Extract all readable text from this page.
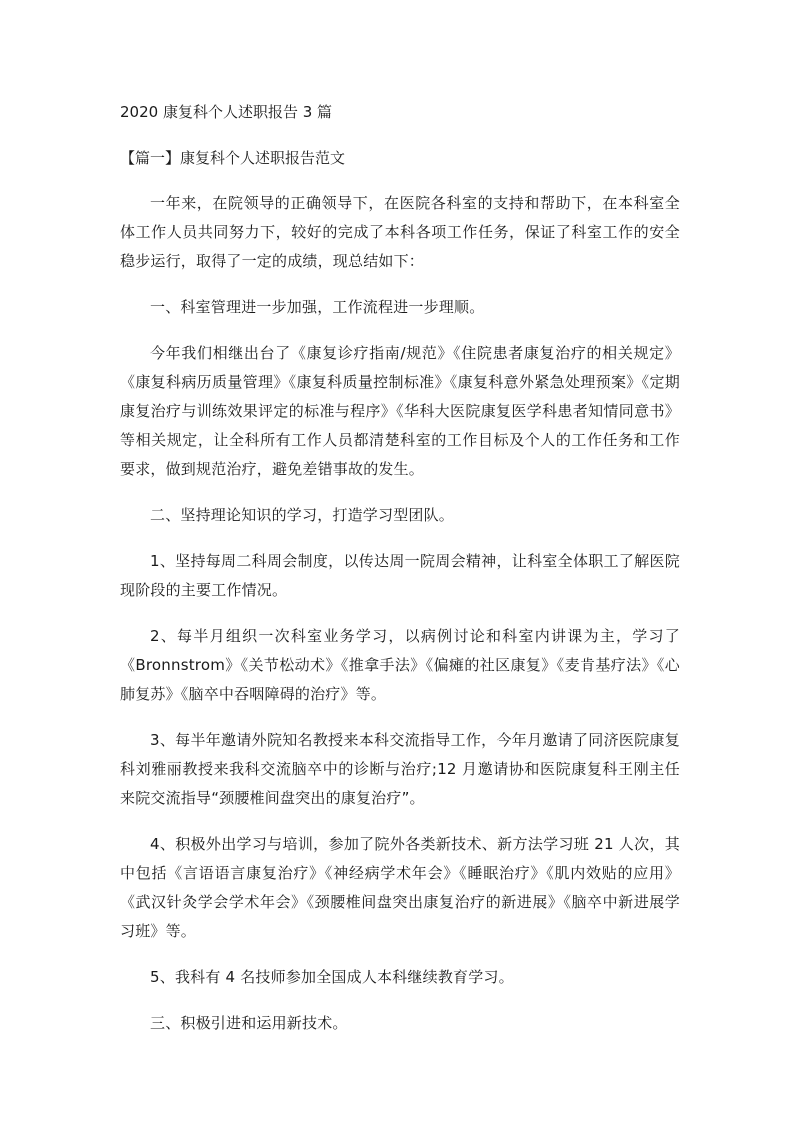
2020 康复科个人述职报告 3 篇
【篇一】康复科个人述职报告范文

一年来，在院领导的正确领导下，在医院各科室的支持和帮助下，在本科室全体工作人员共同努力下，较好的完成了本科各项工作任务，保证了科室工作的安全稳步运行，取得了一定的成绩，现总结如下：

一、科室管理进一步加强，工作流程进一步理顺。

今年我们相继出台了《康复诊疗指南/规范》《住院患者康复治疗的相关规定》《康复科病历质量管理》《康复科质量控制标准》《康复科意外紧急处理预案》《定期康复治疗与训练效果评定的标准与程序》《华科大医院康复医学科患者知情同意书》等相关规定，让全科所有工作人员都清楚科室的工作目标及个人的工作任务和工作要求，做到规范治疗，避免差错事故的发生。

二、坚持理论知识的学习，打造学习型团队。

1、坚持每周二科周会制度，以传达周一院周会精神，让科室全体职工了解医院现阶段的主要工作情况。

2、每半月组织一次科室业务学习，以病例讨论和科室内讲课为主，学习了《Bronnstrom》《关节松动术》《推拿手法》《偏瘫的社区康复》《麦肯基疗法》《心肺复苏》《脑卒中吞咽障碍的治疗》等。

3、每半年邀请外院知名教授来本科交流指导工作，今年月邀请了同济医院康复科刘雅丽教授来我科交流脑卒中的诊断与治疗;12 月邀请协和医院康复科王刚主任来院交流指导“颈腰椎间盘突出的康复治疗”。

4、积极外出学习与培训，参加了院外各类新技术、新方法学习班 21 人次，其中包括《言语语言康复治疗》《神经病学术年会》《睡眠治疗》《肌内效贴的应用》《武汉针灸学会学术年会》《颈腰椎间盘突出康复治疗的新进展》《脑卒中新进展学习班》等。

5、我科有 4 名技师参加全国成人本科继续教育学习。

三、积极引进和运用新技术。
